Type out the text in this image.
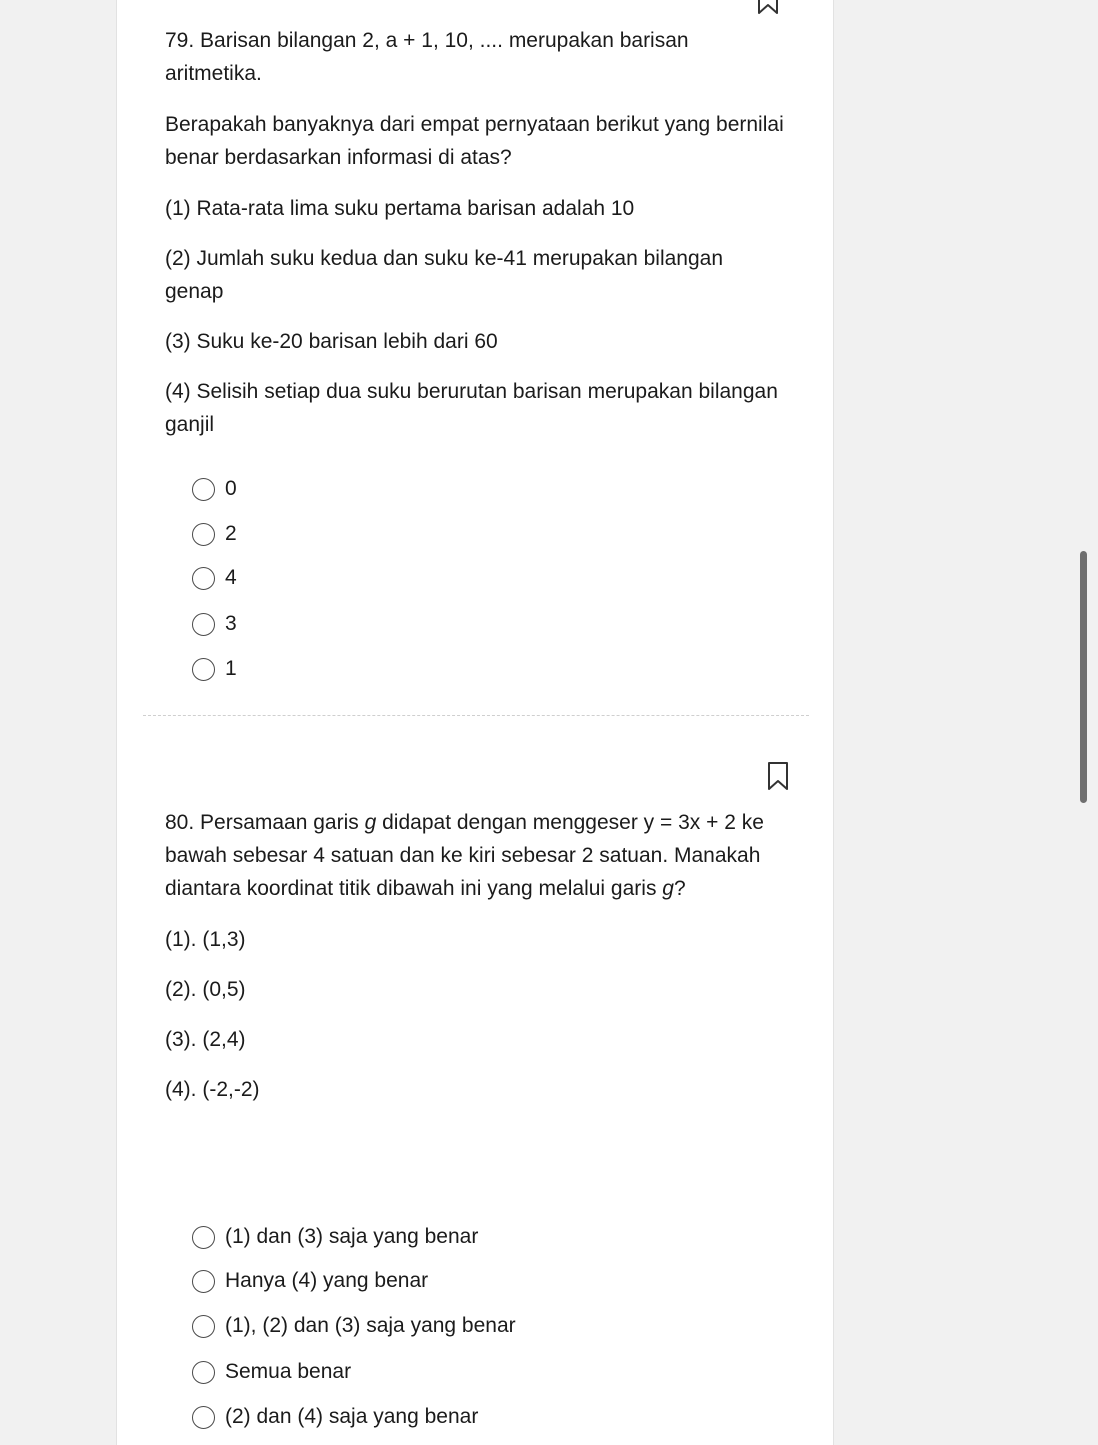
79. Barisan bilangan 2, a + 1, 10, .... merupakan barisan aritmetika.

Berapakah banyaknya dari empat pernyataan berikut yang bernilai benar berdasarkan informasi di atas?

(1) Rata-rata lima suku pertama barisan adalah 10

(2) Jumlah suku kedua dan suku ke-41 merupakan bilangan genap

(3) Suku ke-20 barisan lebih dari 60

(4) Selisih setiap dua suku berurutan barisan merupakan bilangan ganjil

0
2
4
3
1

80. Persamaan garis g didapat dengan menggeser y = 3x + 2 ke bawah sebesar 4 satuan dan ke kiri sebesar 2 satuan. Manakah diantara koordinat titik dibawah ini yang melalui garis g?

(1). (1,3)

(2). (0,5)

(3). (2,4)

(4). (-2,-2)

(1) dan (3) saja yang benar
Hanya (4) yang benar
(1), (2) dan (3) saja yang benar
Semua benar
(2) dan (4) saja yang benar
